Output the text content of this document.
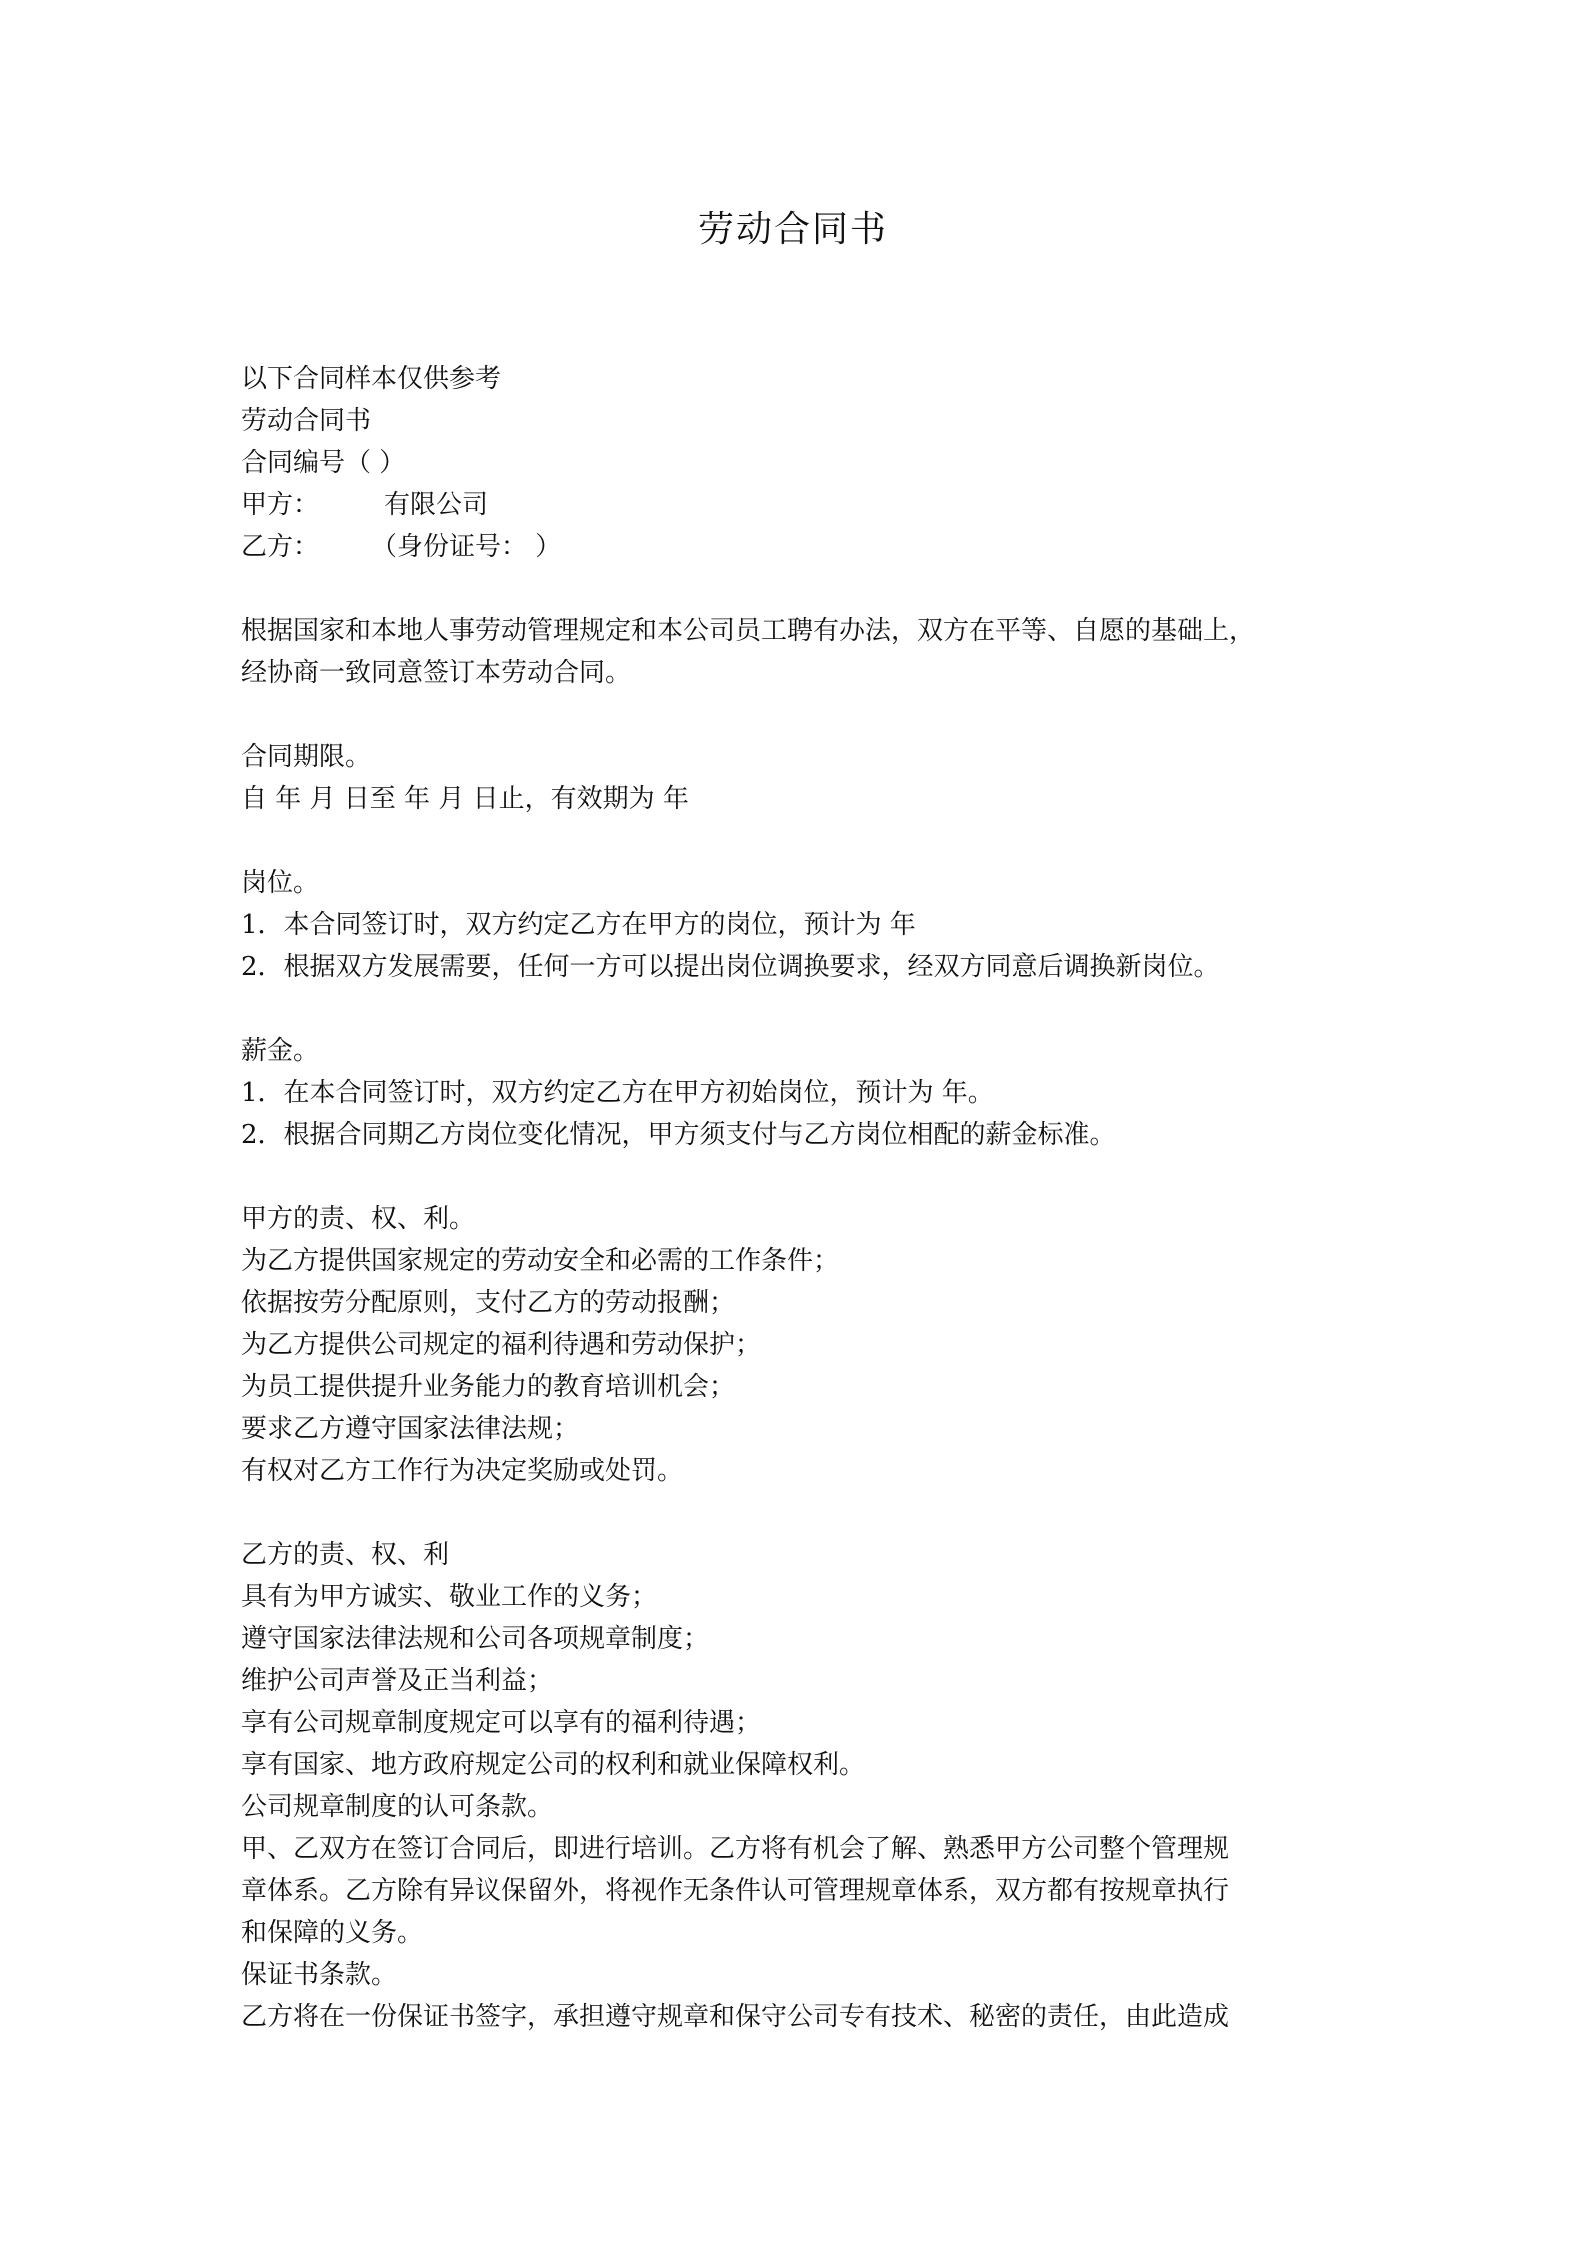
劳动合同书
以下合同样本仅供参考
劳动合同书
合同编号（ ）
甲方：　　　有限公司
乙方：　　　（身份证号： ）
根据国家和本地人事劳动管理规定和本公司员工聘有办法，双方在平等、自愿的基础上，
经协商一致同意签订本劳动合同。
合同期限。
自 年 月 日至 年 月 日止，有效期为 年
岗位。
1．本合同签订时，双方约定乙方在甲方的岗位，预计为 年
2．根据双方发展需要，任何一方可以提出岗位调换要求，经双方同意后调换新岗位。
薪金。
1．在本合同签订时，双方约定乙方在甲方初始岗位，预计为 年。
2．根据合同期乙方岗位变化情况，甲方须支付与乙方岗位相配的薪金标准。
甲方的责、权、利。
为乙方提供国家规定的劳动安全和必需的工作条件；
依据按劳分配原则，支付乙方的劳动报酬；
为乙方提供公司规定的福利待遇和劳动保护；
为员工提供提升业务能力的教育培训机会；
要求乙方遵守国家法律法规；
有权对乙方工作行为决定奖励或处罚。
乙方的责、权、利
具有为甲方诚实、敬业工作的义务；
遵守国家法律法规和公司各项规章制度；
维护公司声誉及正当利益；
享有公司规章制度规定可以享有的福利待遇；
享有国家、地方政府规定公司的权利和就业保障权利。
公司规章制度的认可条款。
甲、乙双方在签订合同后，即进行培训。乙方将有机会了解、熟悉甲方公司整个管理规
章体系。乙方除有异议保留外，将视作无条件认可管理规章体系，双方都有按规章执行
和保障的义务。
保证书条款。
乙方将在一份保证书签字，承担遵守规章和保守公司专有技术、秘密的责任，由此造成
